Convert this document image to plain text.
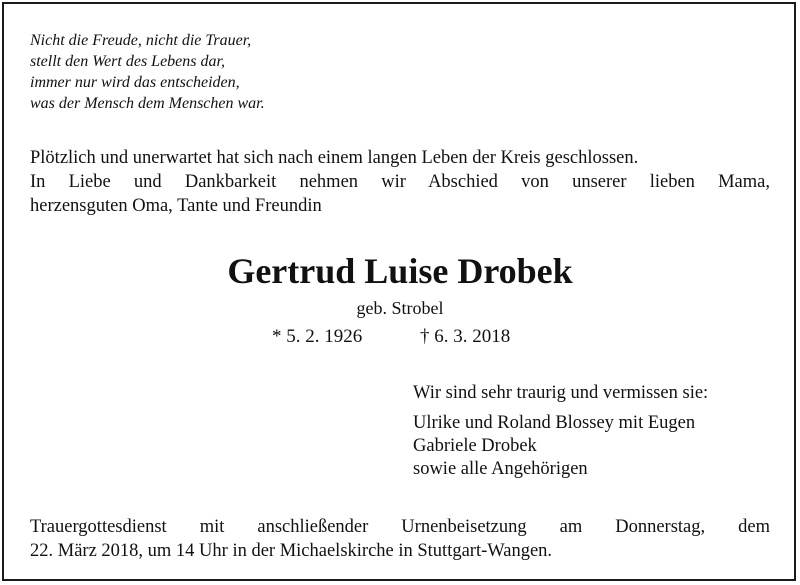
Nicht die Freude, nicht die Trauer,
stellt den Wert des Lebens dar,
immer nur wird das entscheiden,
was der Mensch dem Menschen war.
Plötzlich und unerwartet hat sich nach einem langen Leben der Kreis geschlossen.
In Liebe und Dankbarkeit nehmen wir Abschied von unserer lieben Mama,
herzensguten Oma, Tante und Freundin
Gertrud Luise Drobek
geb. Strobel
* 5. 2. 1926	† 6. 3. 2018
Wir sind sehr traurig und vermissen sie:
Ulrike und Roland Blossey mit Eugen
Gabriele Drobek
sowie alle Angehörigen
Trauergottesdienst mit anschließender Urnenbeisetzung am Donnerstag, dem
22. März 2018, um 14 Uhr in der Michaelskirche in Stuttgart-Wangen.
